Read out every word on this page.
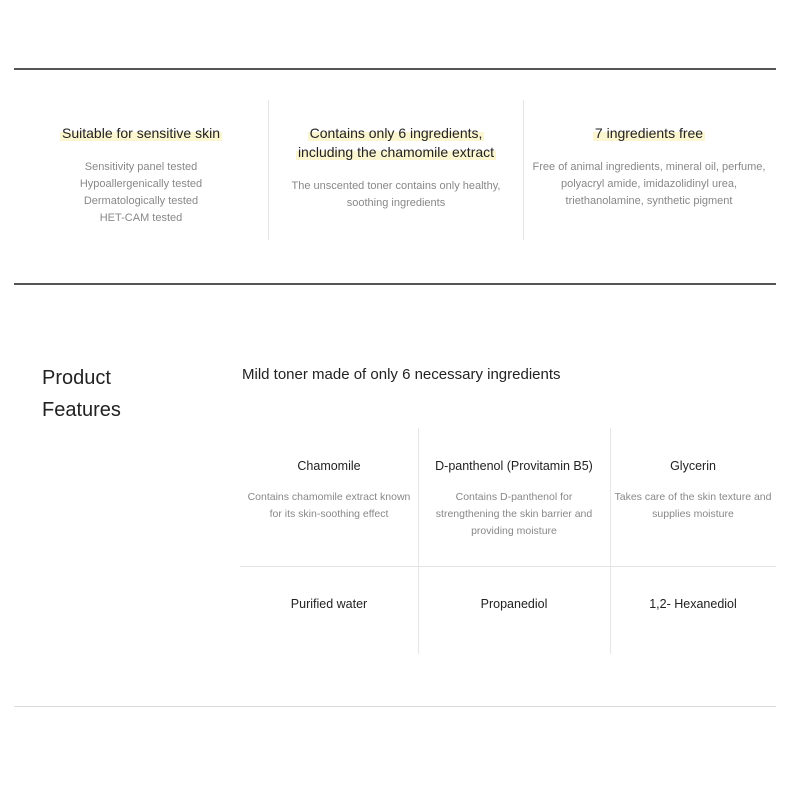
Suitable for sensitive skin
Sensitivity panel tested
Hypoallergenically tested
Dermatologically tested
HET-CAM tested
Contains only 6 ingredients,
including the chamomile extract
The unscented toner contains only healthy,
soothing ingredients
7 ingredients free
Free of animal ingredients, mineral oil, perfume,
polyacryl amide, imidazolidinyl urea,
triethanolamine, synthetic pigment
Product
Features
Mild toner made of only 6 necessary ingredients
Chamomile
Contains chamomile extract known
for its skin-soothing effect
D-panthenol (Provitamin B5)
Contains D-panthenol for
strengthening the skin barrier and
providing moisture
Glycerin
Takes care of the skin texture and
supplies moisture
Purified water	Propanediol	1,2- Hexanediol
